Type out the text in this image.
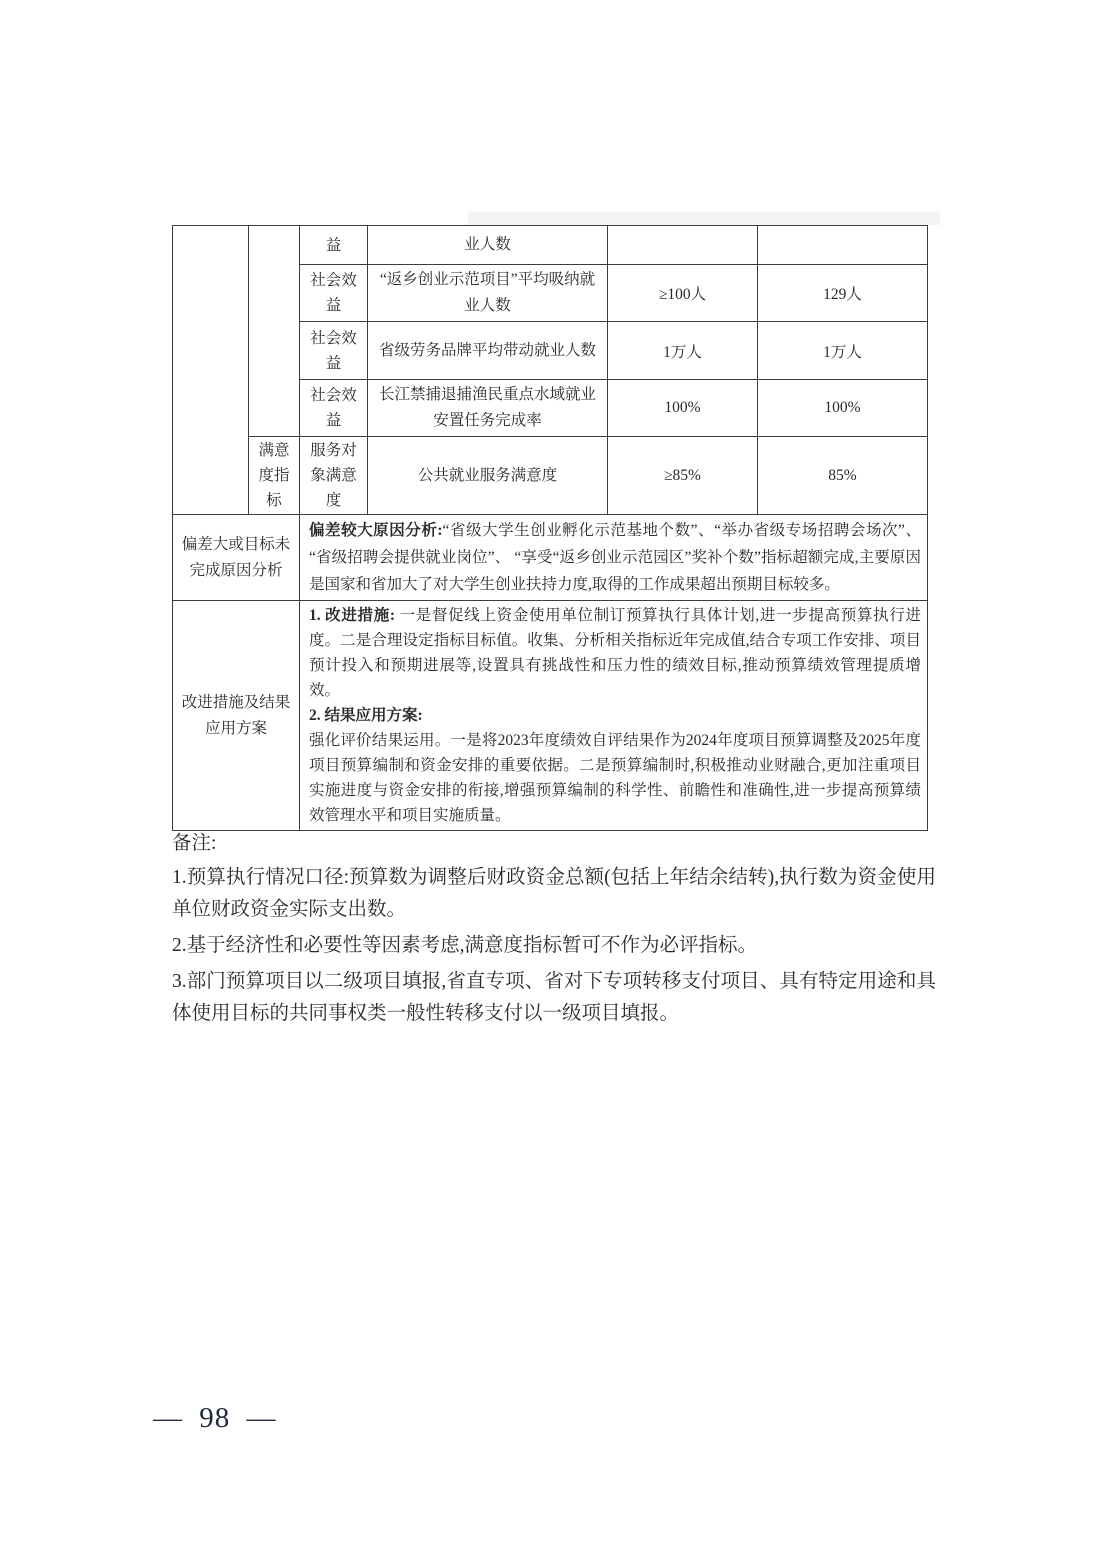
		益	业人数		
		社会效益	“返乡创业示范项目”平均吸纳就业人数	≥100人	129人
		社会效益	省级劳务品牌平均带动就业人数	1万人	1万人
		社会效益	长江禁捕退捕渔民重点水域就业安置任务完成率	100%	100%
	满意度指标	服务对象满意度	公共就业服务满意度	≥85%	85%
偏差大或目标未完成原因分析		偏差较大原因分析:“省级大学生创业孵化示范基地个数”、“举办省级专场招聘会场次”、“省级招聘会提供就业岗位”、 “享受“返乡创业示范园区”奖补个数”指标超额完成,主要原因是国家和省加大了对大学生创业扶持力度,取得的工作成果超出预期目标较多。			

改进措施及结果应用方案		1. 改进措施: 一是督促线上资金使用单位制订预算执行具体计划,进一步提高预算执行进度。二是合理设定指标目标值。收集、分析相关指标近年完成值,结合专项工作安排、项目预计投入和预期进展等,设置具有挑战性和压力性的绩效目标,推动预算绩效管理提质增效。

2. 结果应用方案:

强化评价结果运用。一是将2023年度绩效自评结果作为2024年度项目预算调整及2025年度项目预算编制和资金安排的重要依据。二是预算编制时,积极推动业财融合,更加注重项目实施进度与资金安排的衔接,增强预算编制的科学性、前瞻性和准确性,进一步提高预算绩效管理水平和项目实施质量。			

备注:

1.预算执行情况口径:预算数为调整后财政资金总额(包括上年结余结转),执行数为资金使用单位财政资金实际支出数。

2.基于经济性和必要性等因素考虑,满意度指标暂可不作为必评指标。

3.部门预算项目以二级项目填报,省直专项、省对下专项转移支付项目、具有特定用途和具体使用目标的共同事权类一般性转移支付以一级项目填报。

— 98 —
